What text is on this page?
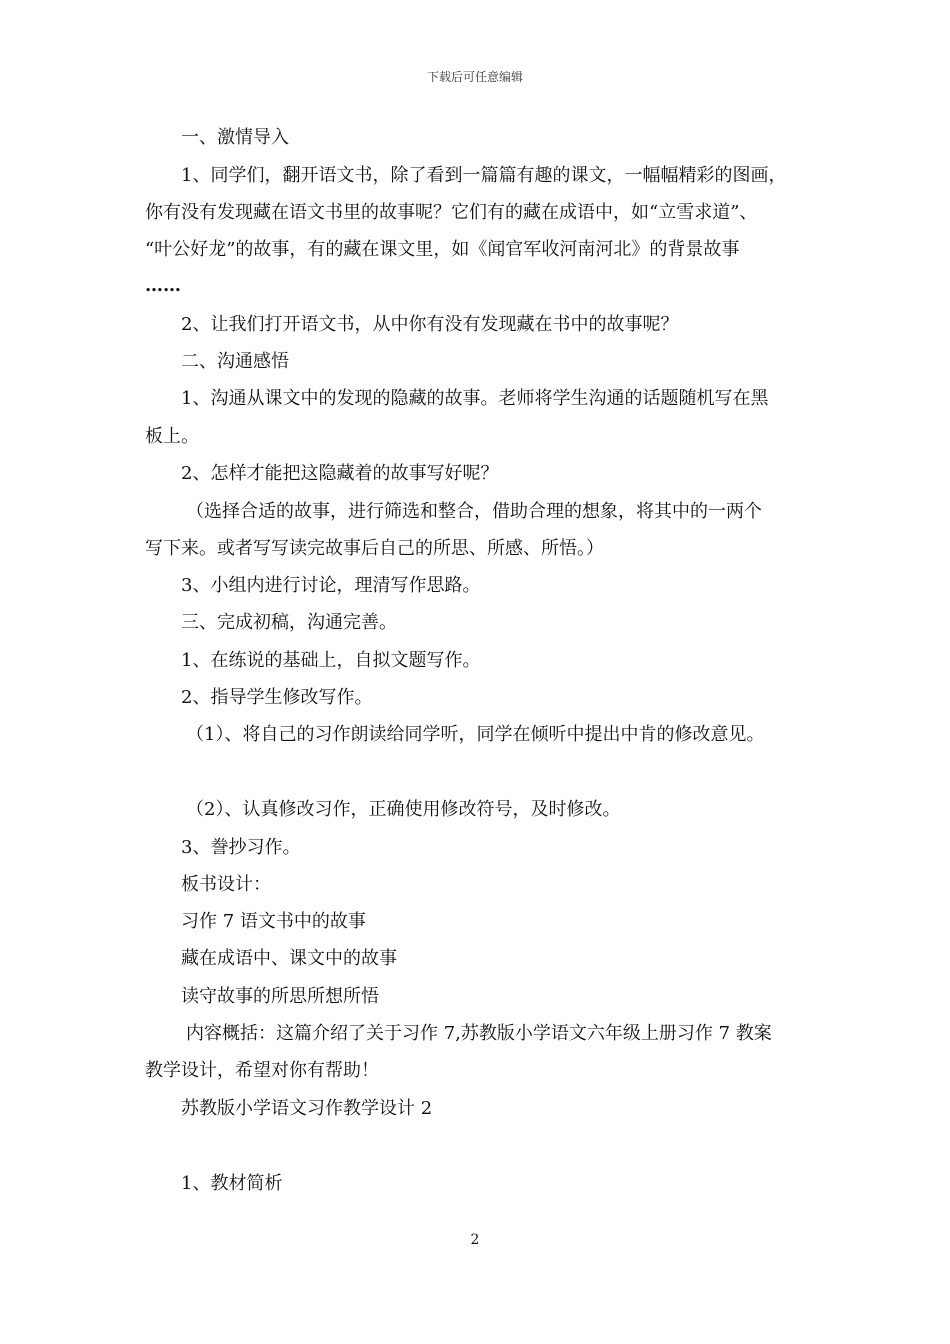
下载后可任意编辑
一、激情导入
1、同学们，翻开语文书，除了看到一篇篇有趣的课文，一幅幅精彩的图画，
你有没有发现藏在语文书里的故事呢？它们有的藏在成语中，如“立雪求道”、
“叶公好龙”的故事，有的藏在课文里，如《闻官军收河南河北》的背景故事
……
2、让我们打开语文书，从中你有没有发现藏在书中的故事呢？
二、沟通感悟
1、沟通从课文中的发现的隐藏的故事。老师将学生沟通的话题随机写在黑
板上。
2、怎样才能把这隐藏着的故事写好呢？
（选择合适的故事，进行筛选和整合，借助合理的想象，将其中的一两个
写下来。或者写写读完故事后自己的所思、所感、所悟。）
3、小组内进行讨论，理清写作思路。
三、完成初稿，沟通完善。
1、在练说的基础上，自拟文题写作。
2、指导学生修改写作。
（1）、将自己的习作朗读给同学听，同学在倾听中提出中肯的修改意见。
（2）、认真修改习作，正确使用修改符号，及时修改。
3、誊抄习作。
板书设计：
习作 7 语文书中的故事
藏在成语中、课文中的故事
读守故事的所思所想所悟
内容概括：这篇介绍了关于习作 7,苏教版小学语文六年级上册习作 7 教案
教学设计，希望对你有帮助！
苏教版小学语文习作教学设计 2
1、教材简析
2
